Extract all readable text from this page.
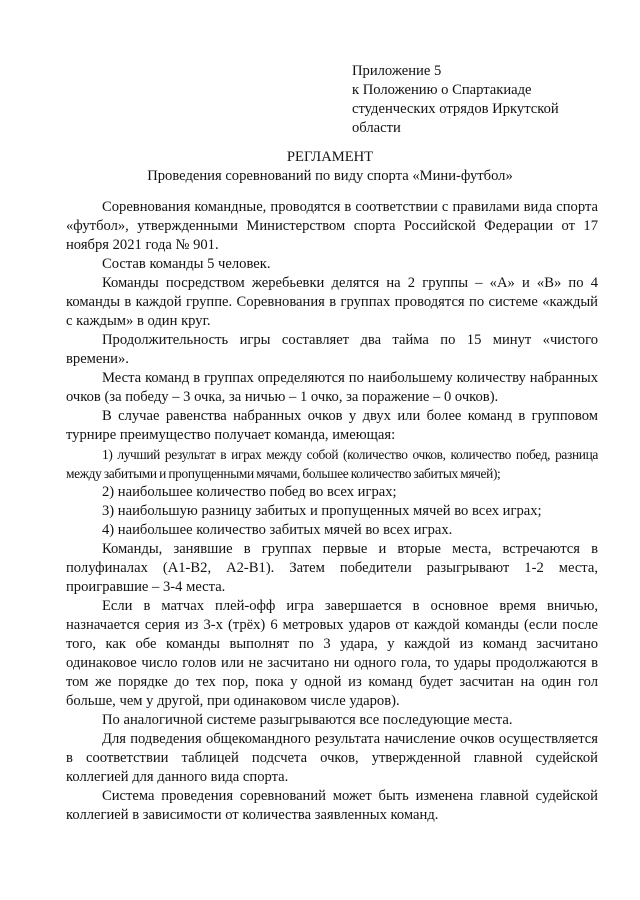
Приложение 5
к Положению о Спартакиаде
студенческих отрядов Иркутской
области
РЕГЛАМЕНТ
Проведения соревнований по виду спорта «Мини-футбол»

Соревнования командные, проводятся в соответствии с правилами вида спорта «футбол», утвержденными Министерством спорта Российской Федерации от 17 ноября 2021 года № 901.

Состав команды 5 человек.

Команды посредством жеребьевки делятся на 2 группы – «А» и «В» по 4 команды в каждой группе. Соревнования в группах проводятся по системе «каждый с каждым» в один круг.

Продолжительность игры составляет два тайма по 15 минут «чистого времени».

Места команд в группах определяются по наибольшему количеству набранных очков (за победу – 3 очка, за ничью – 1 очко, за поражение – 0 очков).

В случае равенства набранных очков у двух или более команд в групповом турнире преимущество получает команда, имеющая:

1) лучший результат в играх между собой (количество очков, количество побед, разница между забитыми и пропущенными мячами, большее количество забитых мячей);

2) наибольшее количество побед во всех играх;

3) наибольшую разницу забитых и пропущенных мячей во всех играх;

4) наибольшее количество забитых мячей во всех играх.

Команды, занявшие в группах первые и вторые места, встречаются в полуфиналах (А1-В2, А2-В1). Затем победители разыгрывают 1-2 места, проигравшие – 3-4 места.

Если в матчах плей-офф игра завершается в основное время вничью, назначается серия из 3-х (трёх) 6 метровых ударов от каждой команды (если после того, как обе команды выполнят по 3 удара, у каждой из команд засчитано одинаковое число голов или не засчитано ни одного гола, то удары продолжаются в том же порядке до тех пор, пока у одной из команд будет засчитан на один гол больше, чем у другой, при одинаковом числе ударов).

По аналогичной системе разыгрываются все последующие места.

Для подведения общекомандного результата начисление очков осуществляется в соответствии таблицей подсчета очков, утвержденной главной судейской коллегией для данного вида спорта.

Система проведения соревнований может быть изменена главной судейской коллегией в зависимости от количества заявленных команд.
